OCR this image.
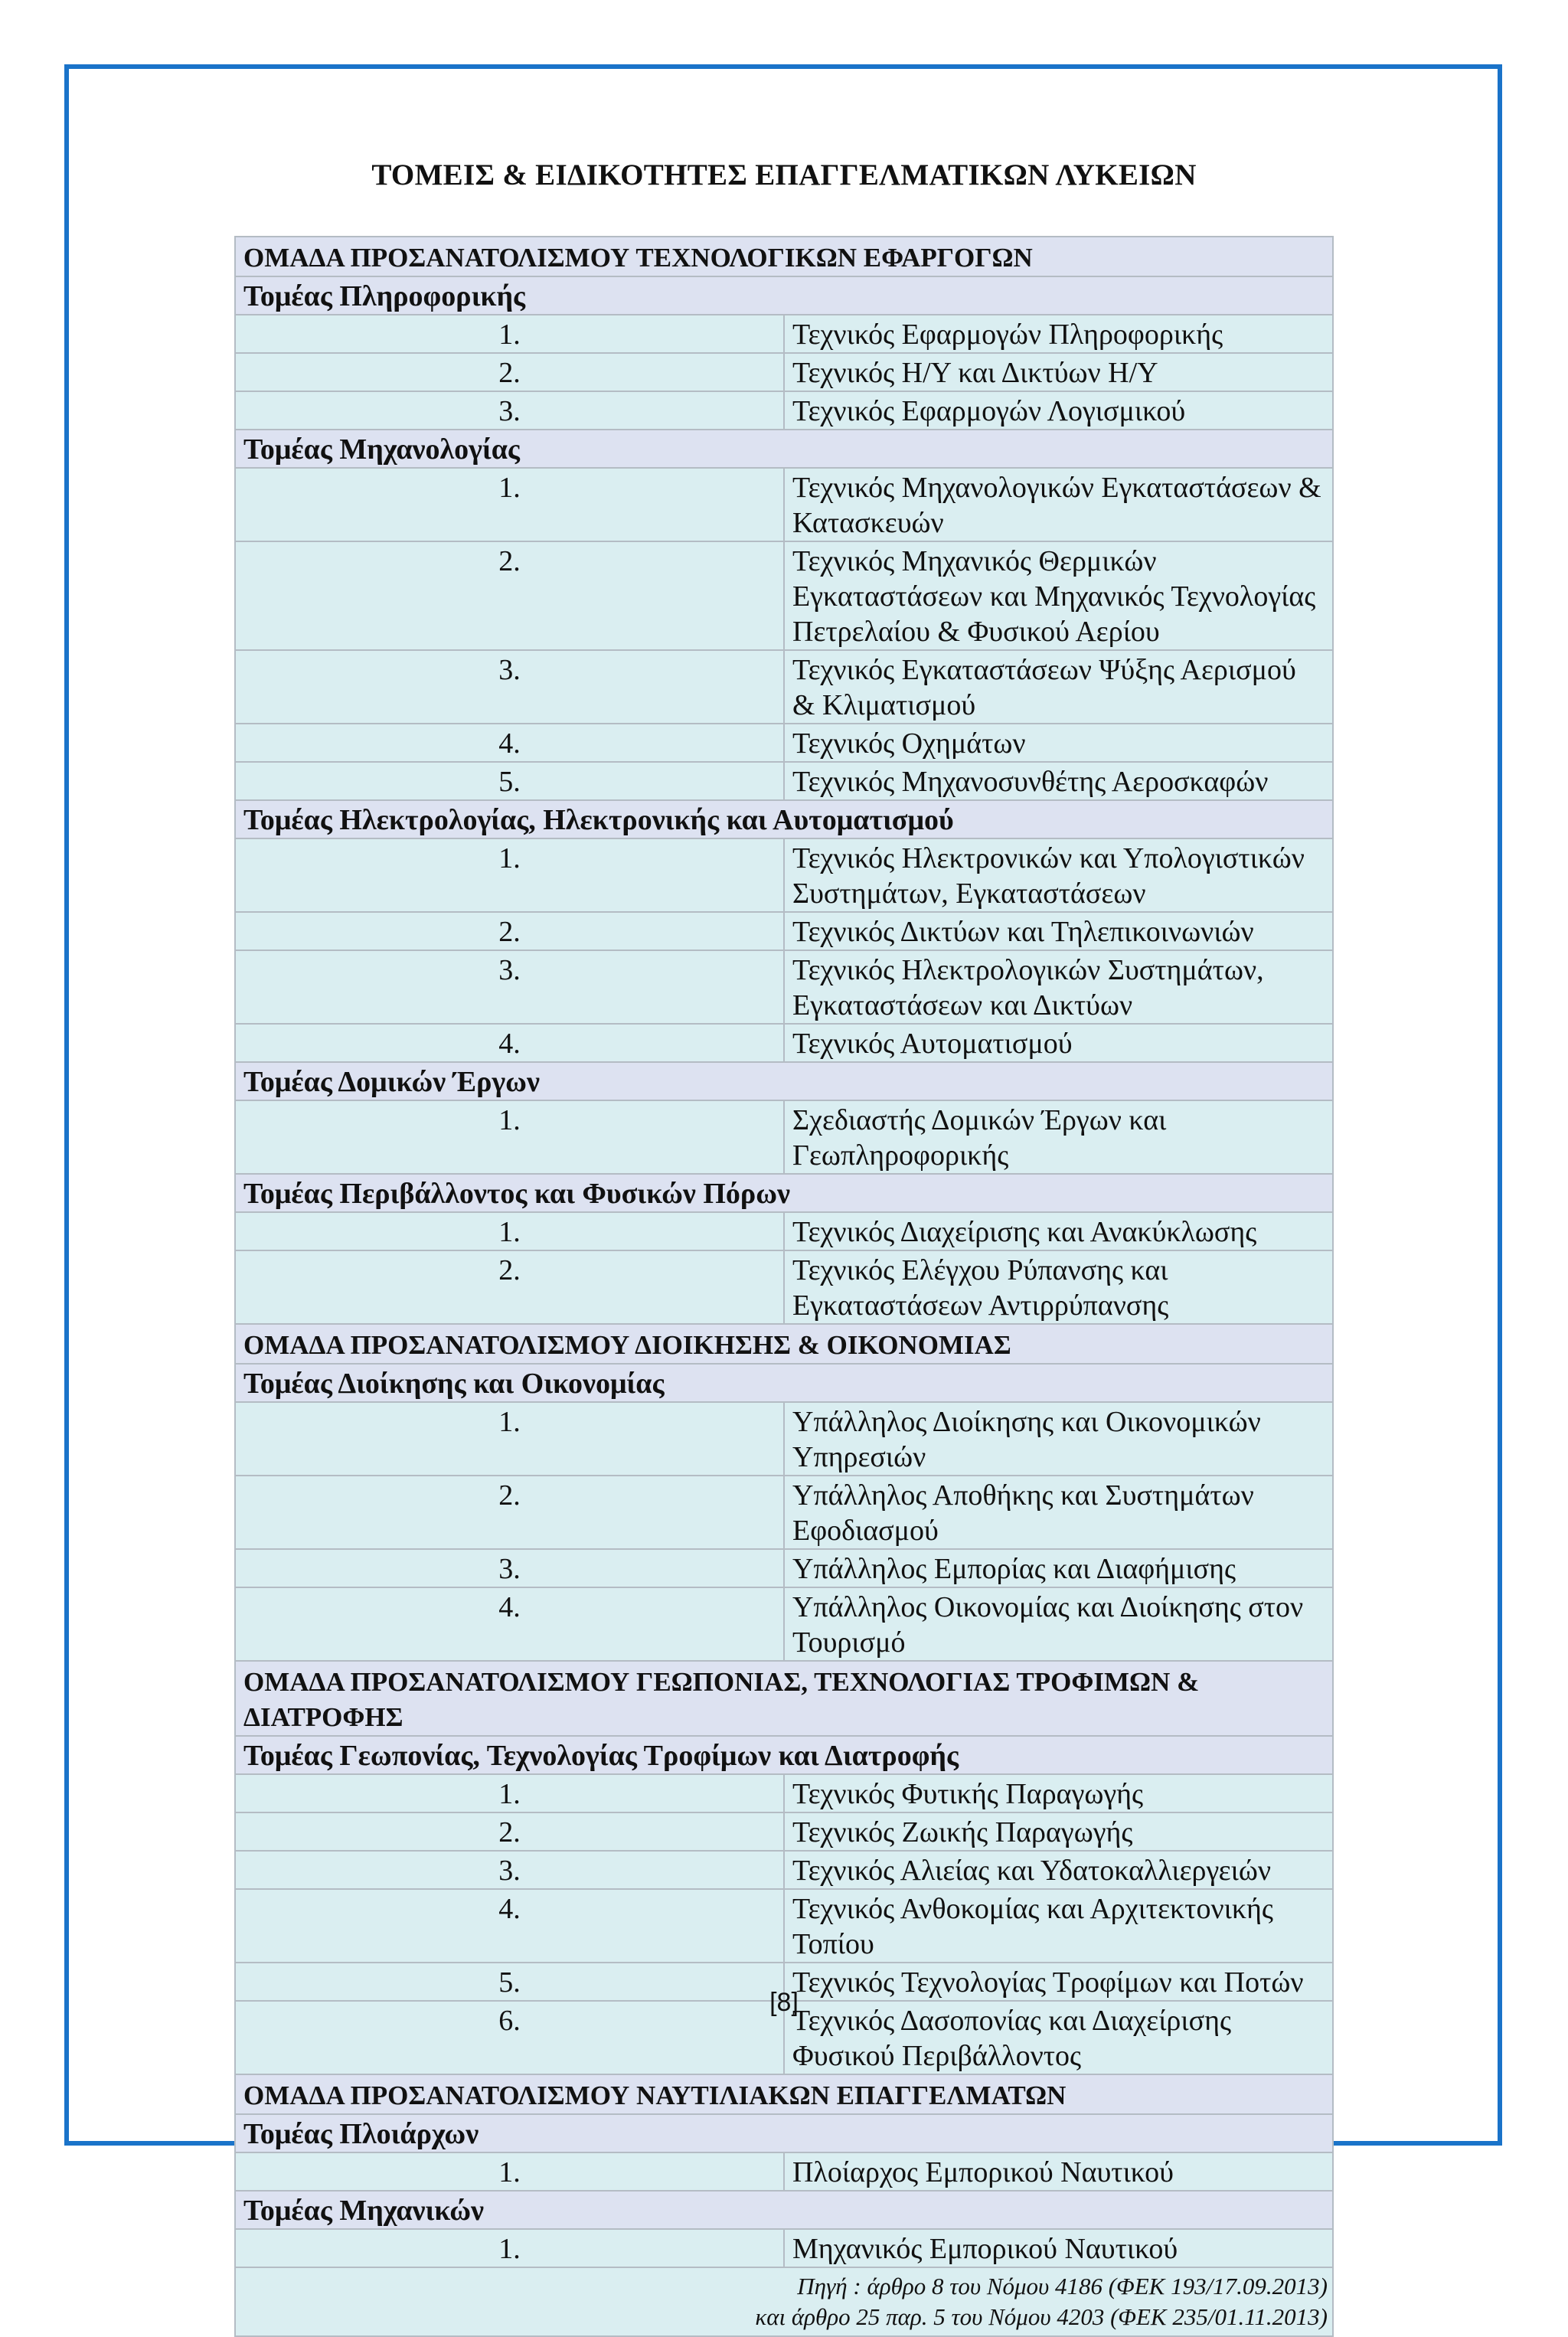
ΤΟΜΕΙΣ & ΕΙΔΙΚΟΤΗΤΕΣ ΕΠΑΓΓΕΛΜΑΤΙΚΩΝ ΛΥΚΕΙΩΝ
ΟΜΑΔΑ ΠΡΟΣΑΝΑΤΟΛΙΣΜΟΥ ΤΕΧΝΟΛΟΓΙΚΩΝ ΕΦΑΡΓΟΓΩΝ	
Τομέας Πληροφορικής	
1.	Τεχνικός Εφαρμογών Πληροφορικής
2.	Τεχνικός Η/Υ και Δικτύων Η/Υ
3.	Τεχνικός Εφαρμογών Λογισμικού
Τομέας Μηχανολογίας	
1.	Τεχνικός Μηχανολογικών Εγκαταστάσεων & Κατασκευών
2.	Τεχνικός Μηχανικός Θερμικών Εγκαταστάσεων και Μηχανικός Τεχνολογίας Πετρελαίου & Φυσικού Αερίου
3.	Τεχνικός Εγκαταστάσεων Ψύξης Αερισμού & Κλιματισμού
4.	Τεχνικός Οχημάτων
5.	Τεχνικός Μηχανοσυνθέτης Αεροσκαφών
Τομέας Ηλεκτρολογίας, Ηλεκτρονικής και Αυτοματισμού	
1.	Τεχνικός Ηλεκτρονικών και Υπολογιστικών Συστημάτων, Εγκαταστάσεων
2.	Τεχνικός Δικτύων και Τηλεπικοινωνιών
3.	Τεχνικός Ηλεκτρολογικών Συστημάτων, Εγκαταστάσεων και Δικτύων
4.	Τεχνικός Αυτοματισμού
Τομέας Δομικών Έργων	
1.	Σχεδιαστής Δομικών Έργων και Γεωπληροφορικής
Τομέας Περιβάλλοντος και Φυσικών Πόρων	
1.	Τεχνικός Διαχείρισης και Ανακύκλωσης
2.	Τεχνικός Ελέγχου Ρύπανσης και Εγκαταστάσεων Αντιρρύπανσης
ΟΜΑΔΑ ΠΡΟΣΑΝΑΤΟΛΙΣΜΟΥ ΔΙΟΙΚΗΣΗΣ & ΟΙΚΟΝΟΜΙΑΣ	
Τομέας Διοίκησης και Οικονομίας	
1.	Υπάλληλος Διοίκησης και Οικονομικών Υπηρεσιών
2.	Υπάλληλος Αποθήκης και Συστημάτων Εφοδιασμού
3.	Υπάλληλος Εμπορίας και Διαφήμισης
4.	Υπάλληλος Οικονομίας και Διοίκησης στον Τουρισμό
ΟΜΑΔΑ ΠΡΟΣΑΝΑΤΟΛΙΣΜΟΥ ΓΕΩΠΟΝΙΑΣ, ΤΕΧΝΟΛΟΓΙΑΣ ΤΡΟΦΙΜΩΝ & ΔΙΑΤΡΟΦΗΣ	
Τομέας Γεωπονίας, Τεχνολογίας Τροφίμων και Διατροφής	
1.	Τεχνικός Φυτικής Παραγωγής
2.	Τεχνικός Ζωικής Παραγωγής
3.	Τεχνικός Αλιείας και Υδατοκαλλιεργειών
4.	Τεχνικός Ανθοκομίας και Αρχιτεκτονικής Τοπίου
5.	Τεχνικός Τεχνολογίας Τροφίμων και Ποτών
6.	Τεχνικός Δασοπονίας και Διαχείρισης Φυσικού Περιβάλλοντος
ΟΜΑΔΑ ΠΡΟΣΑΝΑΤΟΛΙΣΜΟΥ ΝΑΥΤΙΛΙΑΚΩΝ ΕΠΑΓΓΕΛΜΑΤΩΝ	
Τομέας Πλοιάρχων	
1.	Πλοίαρχος Εμπορικού Ναυτικού
Τομέας Μηχανικών	
1.	Μηχανικός Εμπορικού Ναυτικού

Πηγή : άρθρο 8 του Νόμου 4186 (ΦΕΚ 193/17.09.2013)
και άρθρο 25 παρ. 5 του Νόμου 4203 (ΦΕΚ 235/01.11.2013)	
[8]
